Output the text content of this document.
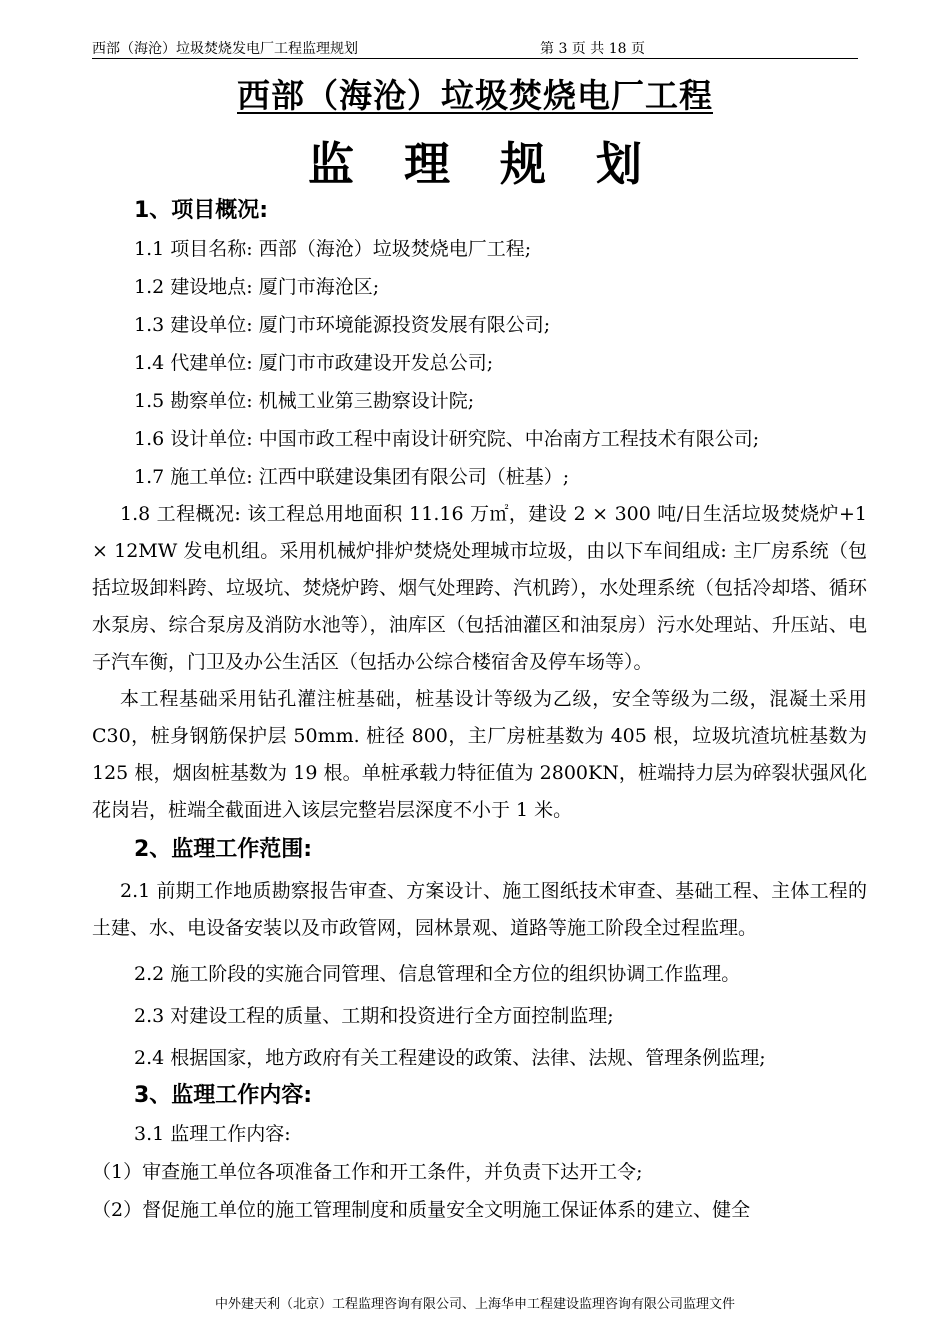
西部（海沧）垃圾焚烧发电厂工程监理规划	第 3 页 共 18 页
西部（海沧）垃圾焚烧电厂工程
监理规划
1、项目概况:
1.1 项目名称: 西部（海沧）垃圾焚烧电厂工程;
1.2 建设地点: 厦门市海沧区;
1.3 建设单位: 厦门市环境能源投资发展有限公司;
1.4 代建单位: 厦门市市政建设开发总公司;
1.5 勘察单位: 机械工业第三勘察设计院;
1.6 设计单位: 中国市政工程中南设计研究院、中冶南方工程技术有限公司;
1.7 施工单位: 江西中联建设集团有限公司（桩基）;

1.8 工程概况: 该工程总用地面积 11.16 万㎡，建设 2 × 300 吨/日生活垃圾焚烧炉+1 × 12MW 发电机组。采用机械炉排炉焚烧处理城市垃圾，由以下车间组成: 主厂房系统（包括垃圾卸料跨、垃圾坑、焚烧炉跨、烟气处理跨、汽机跨），水处理系统（包括冷却塔、循环水泵房、综合泵房及消防水池等），油库区（包括油灌区和油泵房）污水处理站、升压站、电子汽车衡，门卫及办公生活区（包括办公综合楼宿舍及停车场等）。

本工程基础采用钻孔灌注桩基础，桩基设计等级为乙级，安全等级为二级，混凝土采用 C30，桩身钢筋保护层 50mm. 桩径 800，主厂房桩基数为 405 根，垃圾坑渣坑桩基数为 125 根，烟囱桩基数为 19 根。单桩承载力特征值为 2800KN，桩端持力层为碎裂状强风化花岗岩，桩端全截面进入该层完整岩层深度不小于 1 米。

2、监理工作范围:

2.1 前期工作地质勘察报告审查、方案设计、施工图纸技术审查、基础工程、主体工程的土建、水、电设备安装以及市政管网，园林景观、道路等施工阶段全过程监理。

2.2 施工阶段的实施合同管理、信息管理和全方位的组织协调工作监理。
2.3 对建设工程的质量、工期和投资进行全方面控制监理;
2.4 根据国家，地方政府有关工程建设的政策、法律、法规、管理条例监理;
3、监理工作内容:
3.1 监理工作内容:
（1）审查施工单位各项准备工作和开工条件，并负责下达开工令;
（2）督促施工单位的施工管理制度和质量安全文明施工保证体系的建立、健全
中外建天利（北京）工程监理咨询有限公司、上海华申工程建设监理咨询有限公司监理文件
